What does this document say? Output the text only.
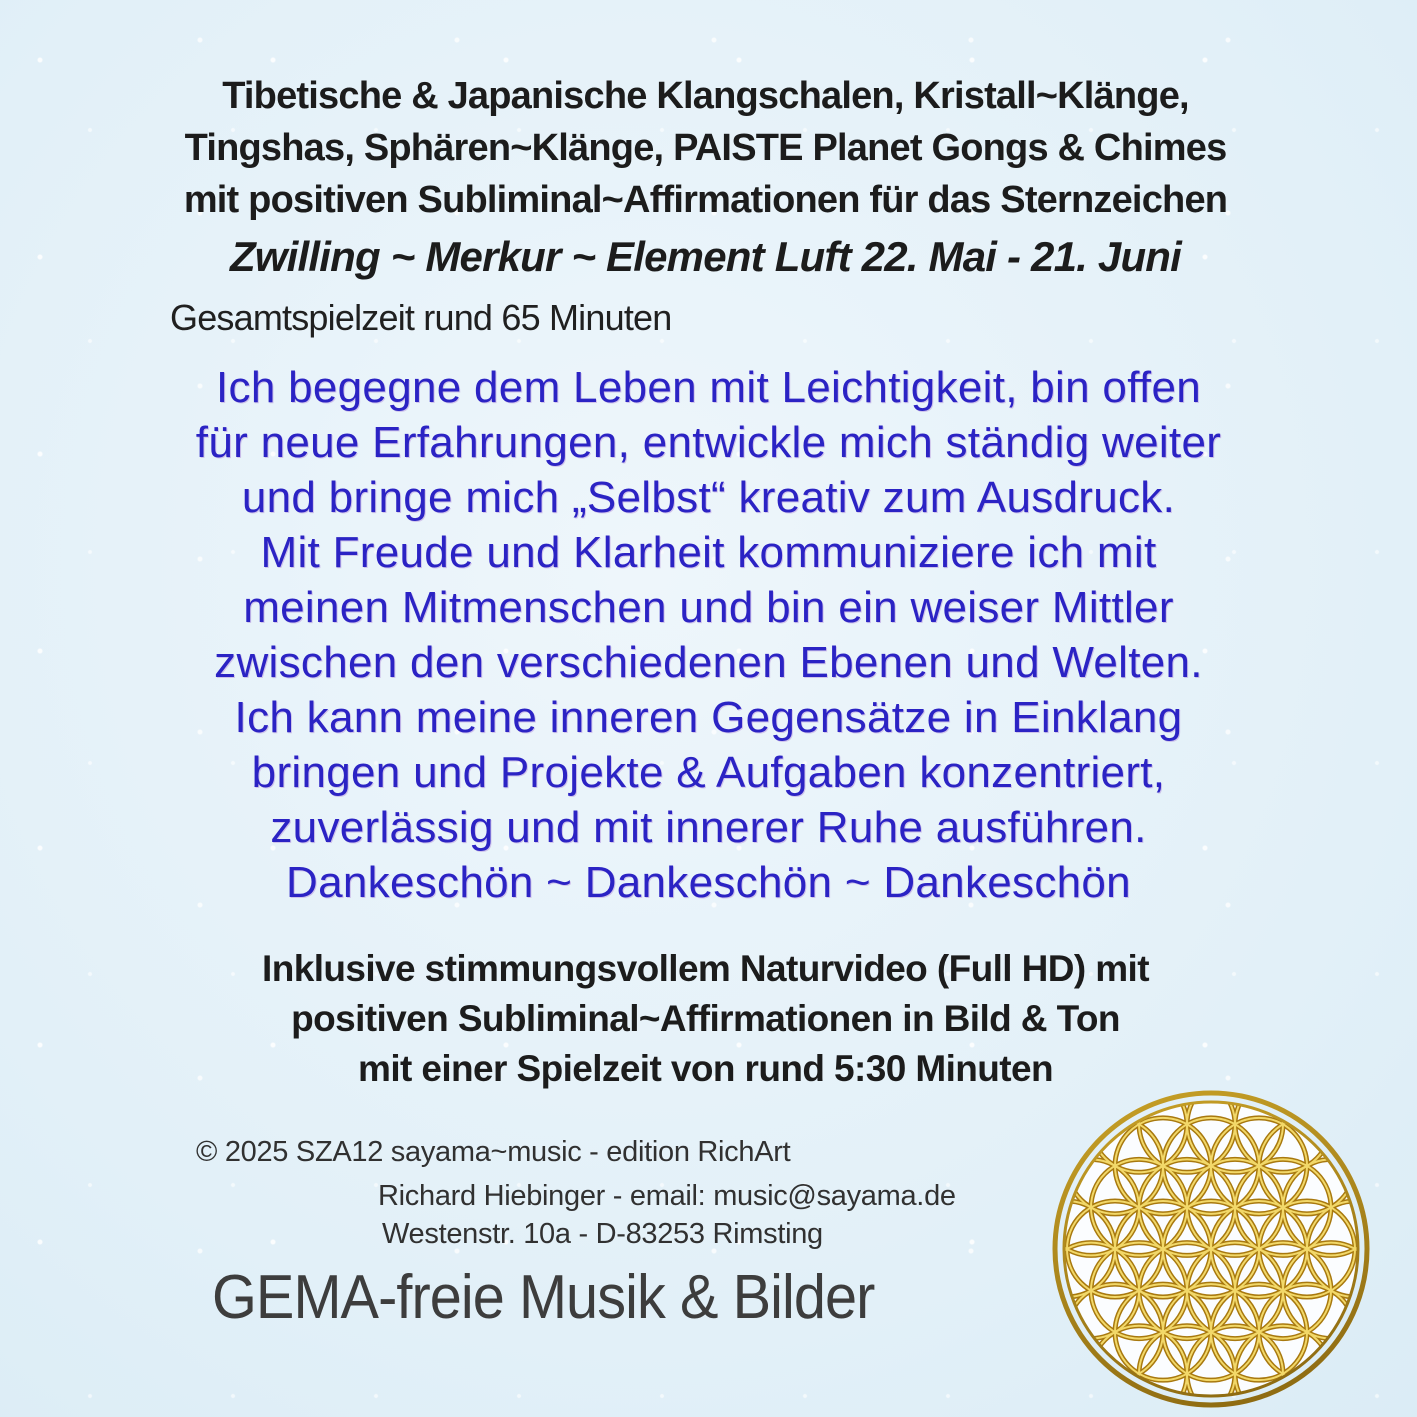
Tibetische & Japanische Klangschalen, Kristall~Klänge,
Tingshas, Sphären~Klänge, PAISTE Planet Gongs & Chimes
mit positiven Subliminal~Affirmationen für das Sternzeichen
Zwilling ~ Merkur ~ Element Luft 22. Mai - 21. Juni
Gesamtspielzeit rund 65 Minuten
Ich begegne dem Leben mit Leichtigkeit, bin offen
für neue Erfahrungen, entwickle mich ständig weiter
und bringe mich „Selbst“ kreativ zum Ausdruck.
Mit Freude und Klarheit kommuniziere ich mit
meinen Mitmenschen und bin ein weiser Mittler
zwischen den verschiedenen Ebenen und Welten.
Ich kann meine inneren Gegensätze in Einklang
bringen und Projekte & Aufgaben konzentriert,
zuverlässig und mit innerer Ruhe ausführen.
Dankeschön ~ Dankeschön ~ Dankeschön
Inklusive stimmungsvollem Naturvideo (Full HD) mit
positiven Subliminal~Affirmationen in Bild & Ton
mit einer Spielzeit von rund 5:30 Minuten
© 2025 SZA12 sayama~music - edition RichArt
Richard Hiebinger - email: music@sayama.de
Westenstr. 10a - D-83253 Rimsting
GEMA-freie Musik & Bilder
